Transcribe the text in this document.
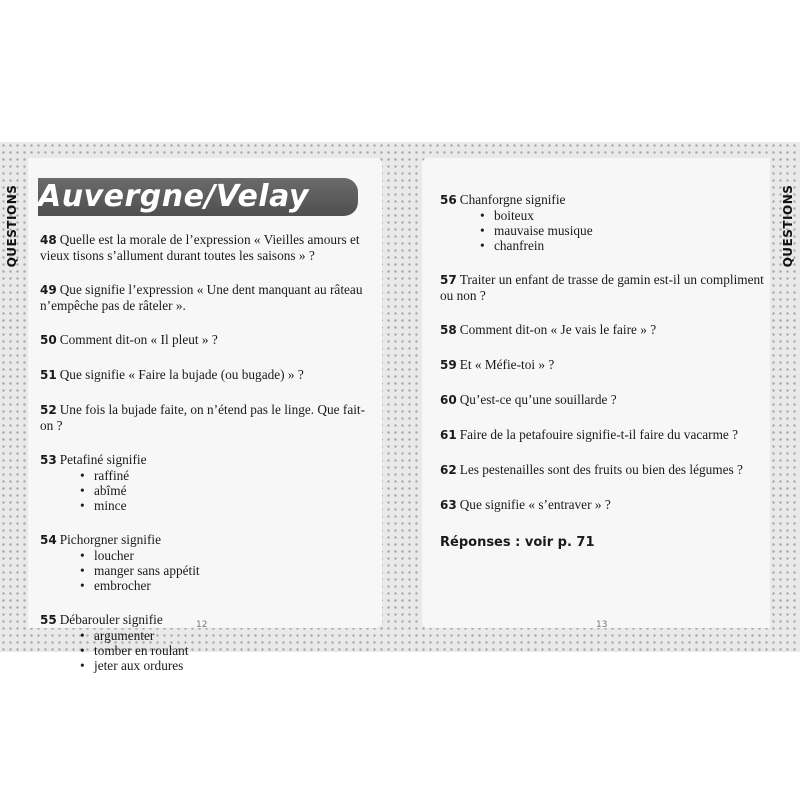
QUESTIONS	QUESTIONS
Auvergne/Velay
48 Quelle est la morale de l’expression « Vieilles amours et vieux tisons s’allument durant toutes les saisons » ?
49 Que signifie l’expression « Une dent manquant au râteau n’empêche pas de râteler ».
50 Comment dit-on « Il pleut » ?
51 Que signifie « Faire la bujade (ou bugade) » ?
52 Une fois la bujade faite, on n’étend pas le linge. Que fait-on ?
53 Petafiné signifie
• raffiné
• abîmé
• mince
54 Pichorgner signifie
• loucher
• manger sans appétit
• embrocher
55 Débarouler signifie
• argumenter
• tomber en roulant
• jeter aux ordures
56 Chanforgne signifie
• boiteux
• mauvaise musique
• chanfrein
57 Traiter un enfant de trasse de gamin est-il un compliment ou non ?
58 Comment dit-on « Je vais le faire » ?
59 Et « Méfie-toi » ?
60 Qu’est-ce qu’une souillarde ?
61 Faire de la petafouire signifie-t-il faire du vacarme ?
62 Les pestenailles sont des fruits ou bien des légumes ?
63 Que signifie « s’entraver » ?
Réponses : voir p. 71
12	13
